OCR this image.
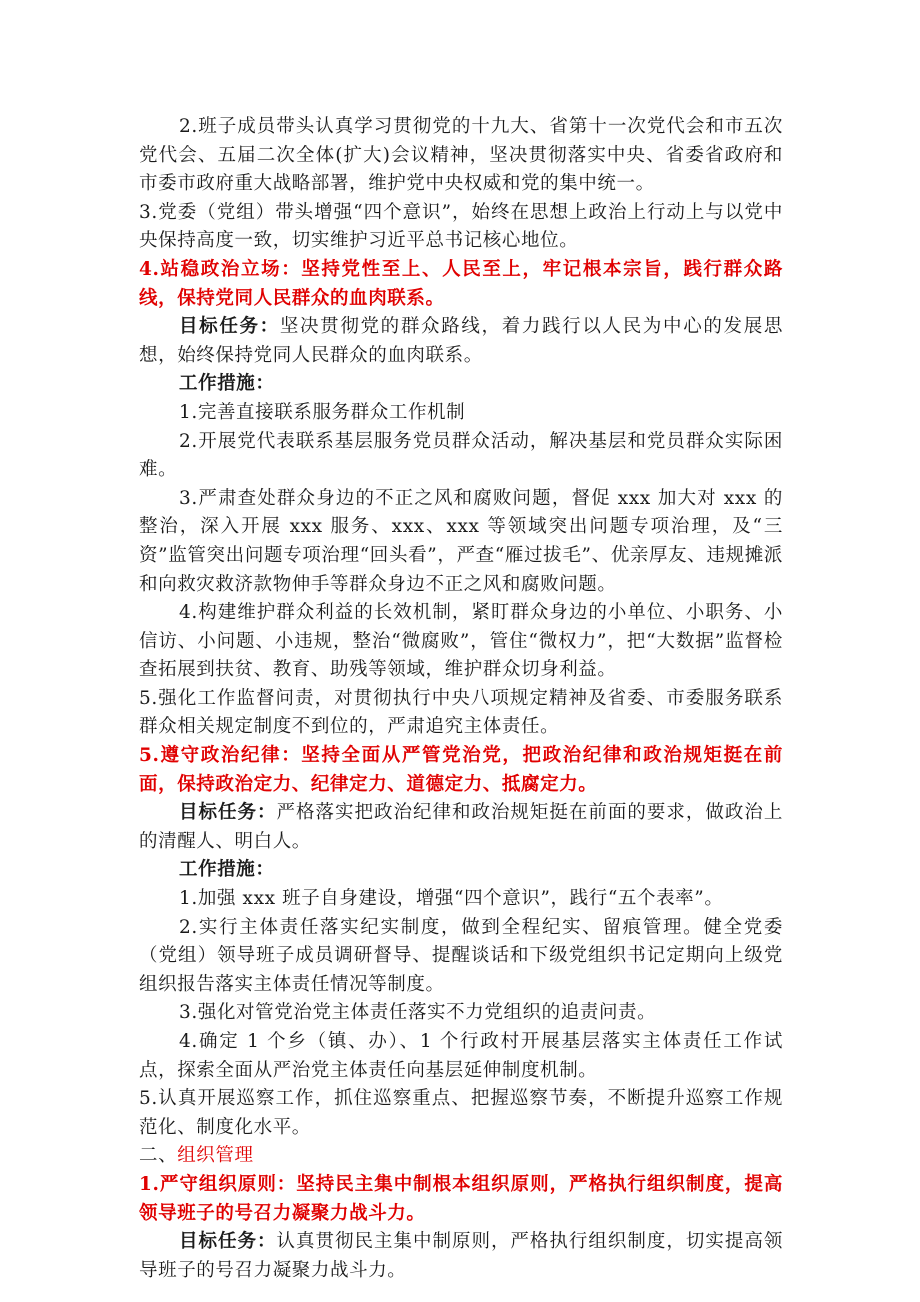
2.班子成员带头认真学习贯彻党的十九大、省第十一次党代会和市五次党代会、五届二次全体(扩大)会议精神，坚决贯彻落实中央、省委省政府和市委市政府重大战略部署，维护党中央权威和党的集中统一。

3.党委（党组）带头增强“四个意识”，始终在思想上政治上行动上与以党中央保持高度一致，切实维护习近平总书记核心地位。

4.站稳政治立场：坚持党性至上、人民至上，牢记根本宗旨，践行群众路线，保持党同人民群众的血肉联系。

目标任务：坚决贯彻党的群众路线，着力践行以人民为中心的发展思想，始终保持党同人民群众的血肉联系。

工作措施：

1.完善直接联系服务群众工作机制

2.开展党代表联系基层服务党员群众活动，解决基层和党员群众实际困难。

3.严肃查处群众身边的不正之风和腐败问题，督促 xxx 加大对 xxx 的整治，深入开展 xxx 服务、xxx、xxx 等领域突出问题专项治理，及“三资”监管突出问题专项治理“回头看”，严查“雁过拔毛”、优亲厚友、违规摊派和向救灾救济款物伸手等群众身边不正之风和腐败问题。

4.构建维护群众利益的长效机制，紧盯群众身边的小单位、小职务、小信访、小问题、小违规，整治“微腐败”，管住“微权力”，把“大数据”监督检查拓展到扶贫、教育、助残等领域，维护群众切身利益。

5.强化工作监督问责，对贯彻执行中央八项规定精神及省委、市委服务联系群众相关规定制度不到位的，严肃追究主体责任。

5.遵守政治纪律：坚持全面从严管党治党，把政治纪律和政治规矩挺在前面，保持政治定力、纪律定力、道德定力、抵腐定力。

目标任务：严格落实把政治纪律和政治规矩挺在前面的要求，做政治上的清醒人、明白人。

工作措施：

1.加强 xxx 班子自身建设，增强“四个意识”，践行“五个表率”。

2.实行主体责任落实纪实制度，做到全程纪实、留痕管理。健全党委（党组）领导班子成员调研督导、提醒谈话和下级党组织书记定期向上级党组织报告落实主体责任情况等制度。

3.强化对管党治党主体责任落实不力党组织的追责问责。

4.确定 1 个乡（镇、办）、1 个行政村开展基层落实主体责任工作试点，探索全面从严治党主体责任向基层延伸制度机制。

5.认真开展巡察工作，抓住巡察重点、把握巡察节奏，不断提升巡察工作规范化、制度化水平。

二、组织管理

1.严守组织原则：坚持民主集中制根本组织原则，严格执行组织制度，提高领导班子的号召力凝聚力战斗力。

目标任务：认真贯彻民主集中制原则，严格执行组织制度，切实提高领导班子的号召力凝聚力战斗力。
